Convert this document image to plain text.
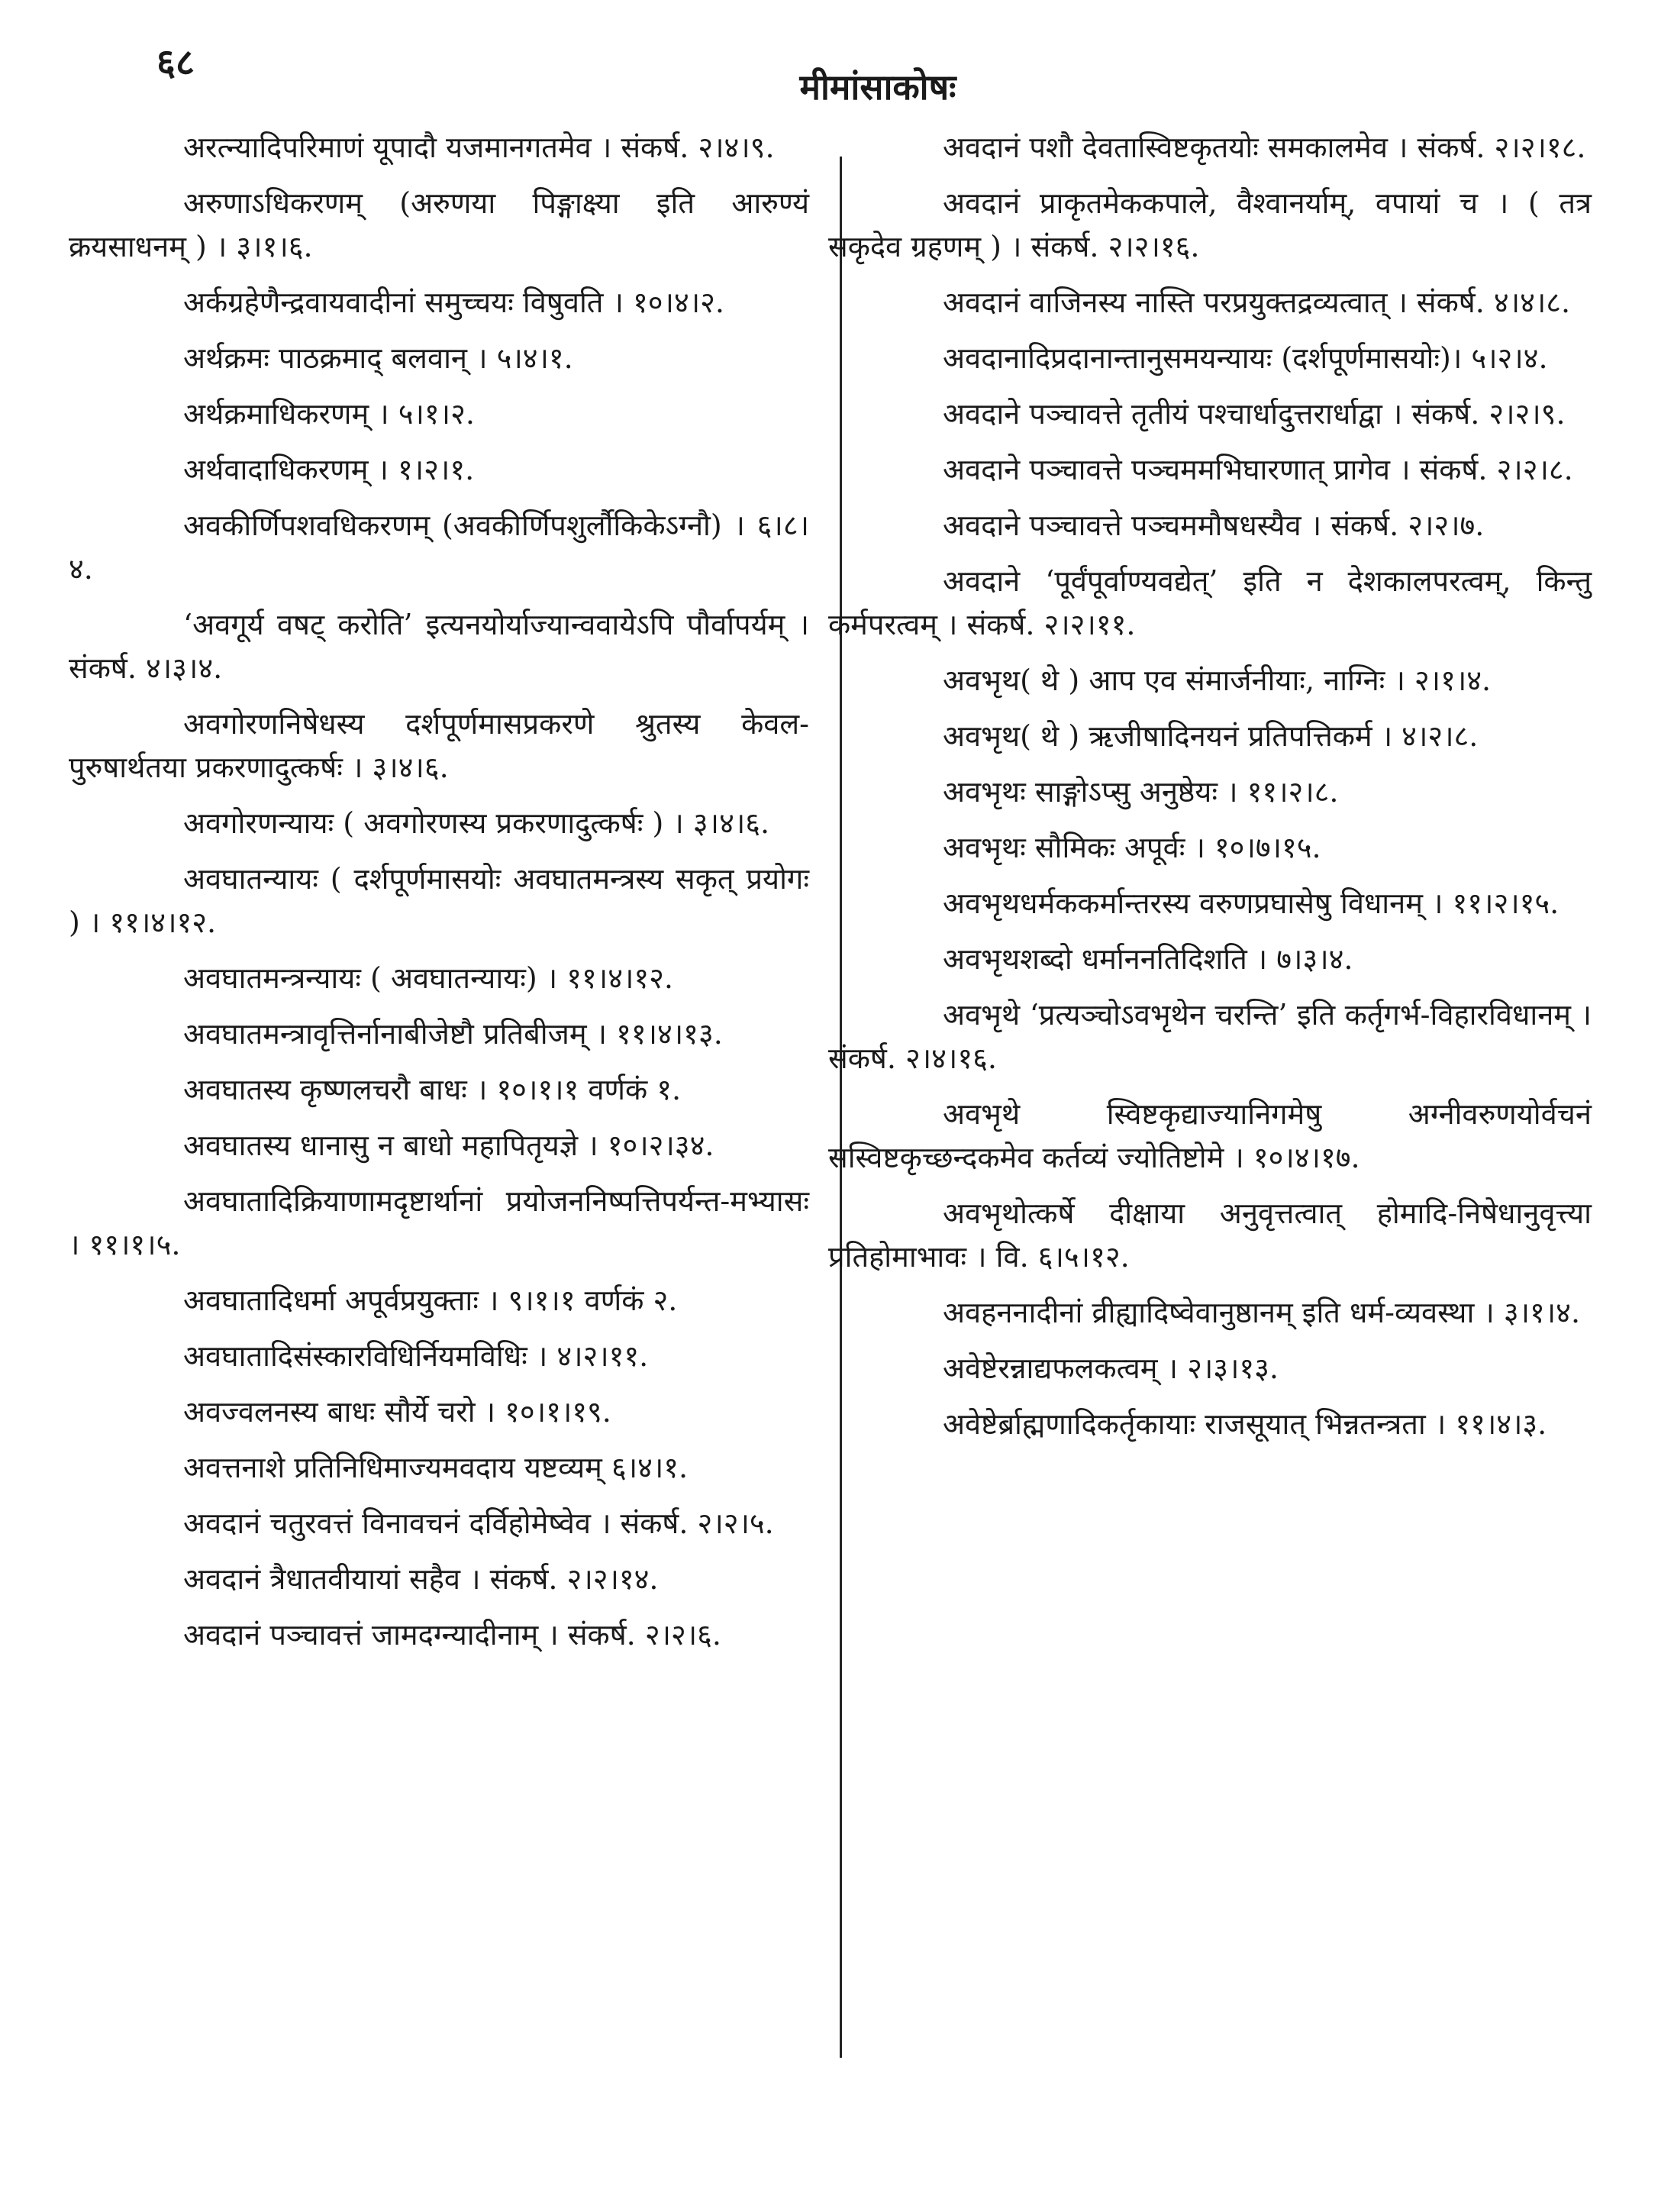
६८
मीमांसाकोषः

अरत्न्यादिपरिमाणं यूपादौ यजमानगतमेव । संकर्ष. २।४।९.

अरुणाऽधिकरणम् (अरुणया पिङ्गाक्ष्या इति आरुण्यं क्रयसाधनम् ) । ३।१।६.

अर्कग्रहेणैन्द्रवायवादीनां समुच्चयः विषुवति । १०।४।२.

अर्थक्रमः पाठक्रमाद् बलवान् । ५।४।१.

अर्थक्रमाधिकरणम् । ५।१।२.

अर्थवादाधिकरणम् । १।२।१.

अवकीर्णिपशवधिकरणम् (अवकीर्णिपशुर्लौकिकेऽग्नौ) । ६।८।४.

‘अवगूर्य वषट् करोति’ इत्यनयोर्याज्यान्ववायेऽपि पौर्वापर्यम् । संकर्ष. ४।३।४.

अवगोरणनिषेधस्य दर्शपूर्णमासप्रकरणे श्रुतस्य केवल-पुरुषार्थतया प्रकरणादुत्कर्षः । ३।४।६.

अवगोरणन्यायः ( अवगोरणस्य प्रकरणादुत्कर्षः ) । ३।४।६.

अवघातन्यायः ( दर्शपूर्णमासयोः अवघातमन्त्रस्य सकृत् प्रयोगः ) । ११।४।१२.

अवघातमन्त्रन्यायः ( अवघातन्यायः) । ११।४।१२.

अवघातमन्त्रावृत्तिर्नानाबीजेष्टौ प्रतिबीजम् । ११।४।१३.

अवघातस्य कृष्णलचरौ बाधः । १०।१।१ वर्णकं १.

अवघातस्य धानासु न बाधो महापितृयज्ञे । १०।२।३४.

अवघातादिक्रियाणामदृष्टार्थानां प्रयोजननिष्पत्तिपर्यन्त-मभ्यासः । ११।१।५.

अवघातादिधर्मा अपूर्वप्रयुक्ताः । ९।१।१ वर्णकं २.

अवघातादिसंस्कारविधिर्नियमविधिः । ४।२।११.

अवज्वलनस्य बाधः सौर्ये चरो । १०।१।१९.

अवत्तनाशे प्रतिनिधिमाज्यमवदाय यष्टव्यम् ६।४।१.

अवदानं चतुरवत्तं विनावचनं दर्विहोमेष्वेव । संकर्ष. २।२।५.

अवदानं त्रैधातवीयायां सहैव । संकर्ष. २।२।१४.

अवदानं पञ्चावत्तं जामदग्न्यादीनाम् । संकर्ष. २।२।६.

अवदानं पशौ देवतास्विष्टकृतयोः समकालमेव । संकर्ष. २।२।१८.

अवदानं प्राकृतमेककपाले, वैश्वानर्याम्, वपायां च । ( तत्र सकृदेव ग्रहणम् ) । संकर्ष. २।२।१६.

अवदानं वाजिनस्य नास्ति परप्रयुक्तद्रव्यत्वात् । संकर्ष. ४।४।८.

अवदानादिप्रदानान्तानुसमयन्यायः (दर्शपूर्णमासयोः)। ५।२।४.

अवदाने पञ्चावत्ते तृतीयं पश्चार्धादुत्तरार्धाद्वा । संकर्ष. २।२।९.

अवदाने पञ्चावत्ते पञ्चममभिघारणात् प्रागेव । संकर्ष. २।२।८.

अवदाने पञ्चावत्ते पञ्चममौषधस्यैव । संकर्ष. २।२।७.

अवदाने ‘पूर्वंपूर्वाण्यवद्येत्’ इति न देशकालपरत्वम्, किन्तु कर्मपरत्वम् । संकर्ष. २।२।११.

अवभृथ( थे ) आप एव संमार्जनीयाः, नाग्निः । २।१।४.

अवभृथ( थे ) ऋजीषादिनयनं प्रतिपत्तिकर्म । ४।२।८.

अवभृथः साङ्गोऽप्सु अनुष्ठेयः । ११।२।८.

अवभृथः सौमिकः अपूर्वः । १०।७।१५.

अवभृथधर्मककर्मान्तरस्य वरुणप्रघासेषु विधानम् । ११।२।१५.

अवभृथशब्दो धर्माननतिदिशति । ७।३।४.

अवभृथे ‘प्रत्यञ्चोऽवभृथेन चरन्ति’ इति कर्तृगर्भ-विहारविधानम् । संकर्ष. २।४।१६.

अवभृथे स्विष्टकृद्याज्यानिगमेषु अग्नीवरुणयोर्वचनं सस्विष्टकृच्छन्दकमेव कर्तव्यं ज्योतिष्टोमे । १०।४।१७.

अवभृथोत्कर्षे दीक्षाया अनुवृत्तत्वात् होमादि-निषेधानुवृत्त्या प्रतिहोमाभावः । वि. ६।५।१२.

अवहननादीनां व्रीह्यादिष्वेवानुष्ठानम् इति धर्म-व्यवस्था । ३।१।४.

अवेष्टेरन्नाद्यफलकत्वम् । २।३।१३.

अवेष्टेर्ब्राह्मणादिकर्तृकायाः राजसूयात् भिन्नतन्त्रता । ११।४।३.
